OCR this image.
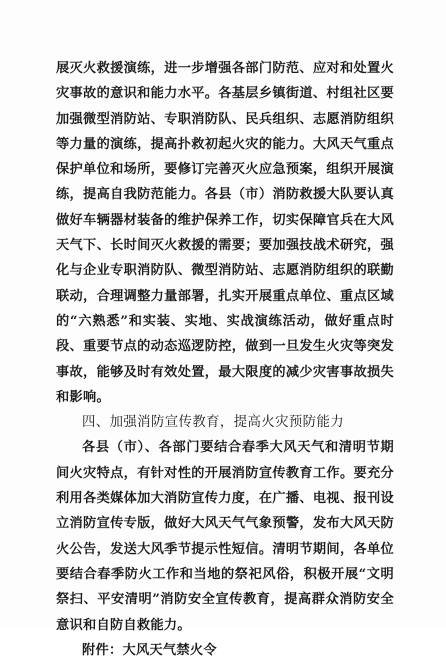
展灭火救援演练，进一步增强各部门防范、应对和处置火灾事故的意识和能力水平。各基层乡镇街道、村组社区要加强微型消防站、专职消防队、民兵组织、志愿消防组织等力量的演练，提高扑救初起火灾的能力。大风天气重点保护单位和场所，要修订完善灭火应急预案，组织开展演练，提高自我防范能力。各县（市）消防救援大队要认真做好车辆器材装备的维护保养工作，切实保障官兵在大风天气下、长时间灭火救援的需要；要加强技战术研究，强化与企业专职消防队、微型消防站、志愿消防组织的联勤联动，合理调整力量部署，扎实开展重点单位、重点区域的“六熟悉”和实装、实地、实战演练活动，做好重点时段、重要节点的动态巡逻防控，做到一旦发生火灾等突发事故，能够及时有效处置，最大限度的减少灾害事故损失和影响。

四、加强消防宣传教育，提高火灾预防能力

各县（市）、各部门要结合春季大风天气和清明节期间火灾特点，有针对性的开展消防宣传教育工作。要充分利用各类媒体加大消防宣传力度，在广播、电视、报刊设立消防宣传专版，做好大风天气气象预警，发布大风天防火公告，发送大风季节提示性短信。清明节期间，各单位要结合春季防火工作和当地的祭祀风俗，积极开展“文明祭扫、平安清明”消防安全宣传教育，提高群众消防安全意识和自防自救能力。

附件：大风天气禁火令
